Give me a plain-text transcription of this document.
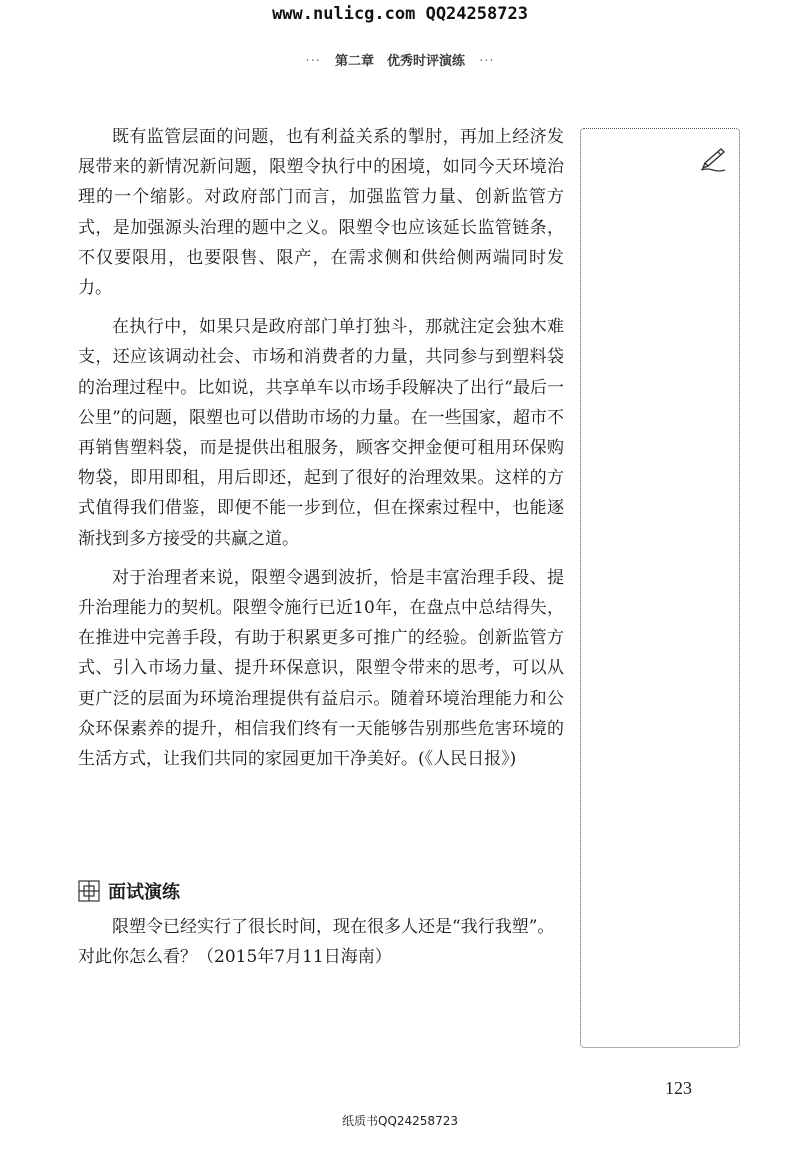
www.nulicg.com QQ24258723
··· 第二章　优秀时评演练 ···

既有监管层面的问题，也有利益关系的掣肘，再加上经济发展带来的新情况新问题，限塑令执行中的困境，如同今天环境治理的一个缩影。对政府部门而言，加强监管力量、创新监管方式，是加强源头治理的题中之义。限塑令也应该延长监管链条，不仅要限用，也要限售、限产，在需求侧和供给侧两端同时发力。

在执行中，如果只是政府部门单打独斗，那就注定会独木难支，还应该调动社会、市场和消费者的力量，共同参与到塑料袋的治理过程中。比如说，共享单车以市场手段解决了出行“最后一公里”的问题，限塑也可以借助市场的力量。在一些国家，超市不再销售塑料袋，而是提供出租服务，顾客交押金便可租用环保购物袋，即用即租，用后即还，起到了很好的治理效果。这样的方式值得我们借鉴，即便不能一步到位，但在探索过程中，也能逐渐找到多方接受的共赢之道。

对于治理者来说，限塑令遇到波折，恰是丰富治理手段、提升治理能力的契机。限塑令施行已近10年，在盘点中总结得失，在推进中完善手段，有助于积累更多可推广的经验。创新监管方式、引入市场力量、提升环保意识，限塑令带来的思考，可以从更广泛的层面为环境治理提供有益启示。随着环境治理能力和公众环保素养的提升，相信我们终有一天能够告别那些危害环境的生活方式，让我们共同的家园更加干净美好。(《人民日报》)

面试演练

限塑令已经实行了很长时间，现在很多人还是“我行我塑”。对此你怎么看？（2015年7月11日海南）

123
纸质书QQ24258723
